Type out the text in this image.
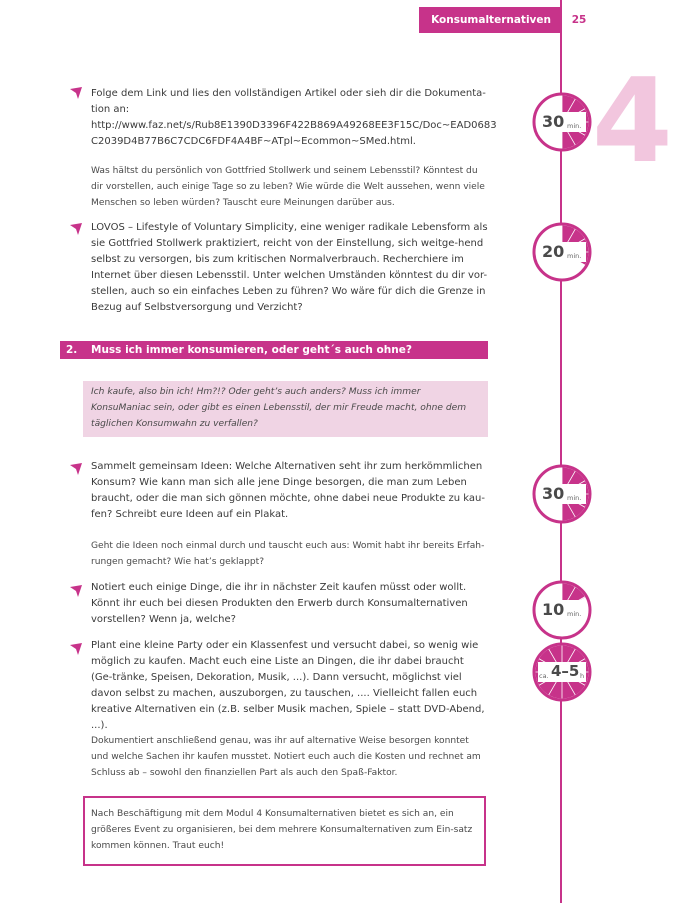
Konsumalternativen	25
4

Folge dem Link und lies den vollständigen Artikel oder sieh dir die Dokumenta-tion an:

http://www.faz.net/s/Rub8E1390D3396F422B869A49268EE3F15C/Doc~EAD0683 C2039D4B77B6C7CDC6FDF4A4BF~ATpl~Ecommon~SMed.html.

Was hältst du persönlich von Gottfried Stollwerk und seinem Lebensstil? Könntest du dir vorstellen, auch einige Tage so zu leben? Wie würde die Welt aussehen, wenn viele Menschen so leben würden? Tauscht eure Meinungen darüber aus.

LOVOS – Lifestyle of Voluntary Simplicity, eine weniger radikale Lebensform als sie Gottfried Stollwerk praktiziert, reicht von der Einstellung, sich weitge-hend selbst zu versorgen, bis zum kritischen Normalverbrauch. Recherchiere im Internet über diesen Lebensstil. Unter welchen Umständen könntest du dir vor-stellen, auch so ein einfaches Leben zu führen? Wo wäre für dich die Grenze in Bezug auf Selbstversorgung und Verzicht?

2. Muss ich immer konsumieren, oder geht´s auch ohne?

Ich kaufe, also bin ich! Hm?!? Oder geht’s auch anders? Muss ich immer KonsuManiac sein, oder gibt es einen Lebensstil, der mir Freude macht, ohne dem täglichen Konsumwahn zu verfallen?

Sammelt gemeinsam Ideen: Welche Alternativen seht ihr zum herkömmlichen Konsum? Wie kann man sich alle jene Dinge besorgen, die man zum Leben braucht, oder die man sich gönnen möchte, ohne dabei neue Produkte zu kau-fen? Schreibt eure Ideen auf ein Plakat.

Geht die Ideen noch einmal durch und tauscht euch aus: Womit habt ihr bereits Erfah-rungen gemacht? Wie hat’s geklappt?

Notiert euch einige Dinge, die ihr in nächster Zeit kaufen müsst oder wollt. Könnt ihr euch bei diesen Produkten den Erwerb durch Konsumalternativen vorstellen? Wenn ja, welche?

Plant eine kleine Party oder ein Klassenfest und versucht dabei, so wenig wie möglich zu kaufen. Macht euch eine Liste an Dingen, die ihr dabei braucht (Ge-tränke, Speisen, Dekoration, Musik, ...). Dann versucht, möglichst viel davon selbst zu machen, auszuborgen, zu tauschen, .... Vielleicht fallen euch kreative Alternativen ein (z.B. selber Musik machen, Spiele – statt DVD-Abend, ...).

Dokumentiert anschließend genau, was ihr auf alternative Weise besorgen konntet und welche Sachen ihr kaufen musstet. Notiert euch auch die Kosten und rechnet am Schluss ab – sowohl den finanziellen Part als auch den Spaß-Faktor.

Nach Beschäftigung mit dem Modul 4 Konsumalternativen bietet es sich an, ein größeres Event zu organisieren, bei dem mehrere Konsumalternativen zum Ein-satz kommen können. Traut euch!

30 min.
20 min.
30 min.
10 min.
ca. 4–5 h
